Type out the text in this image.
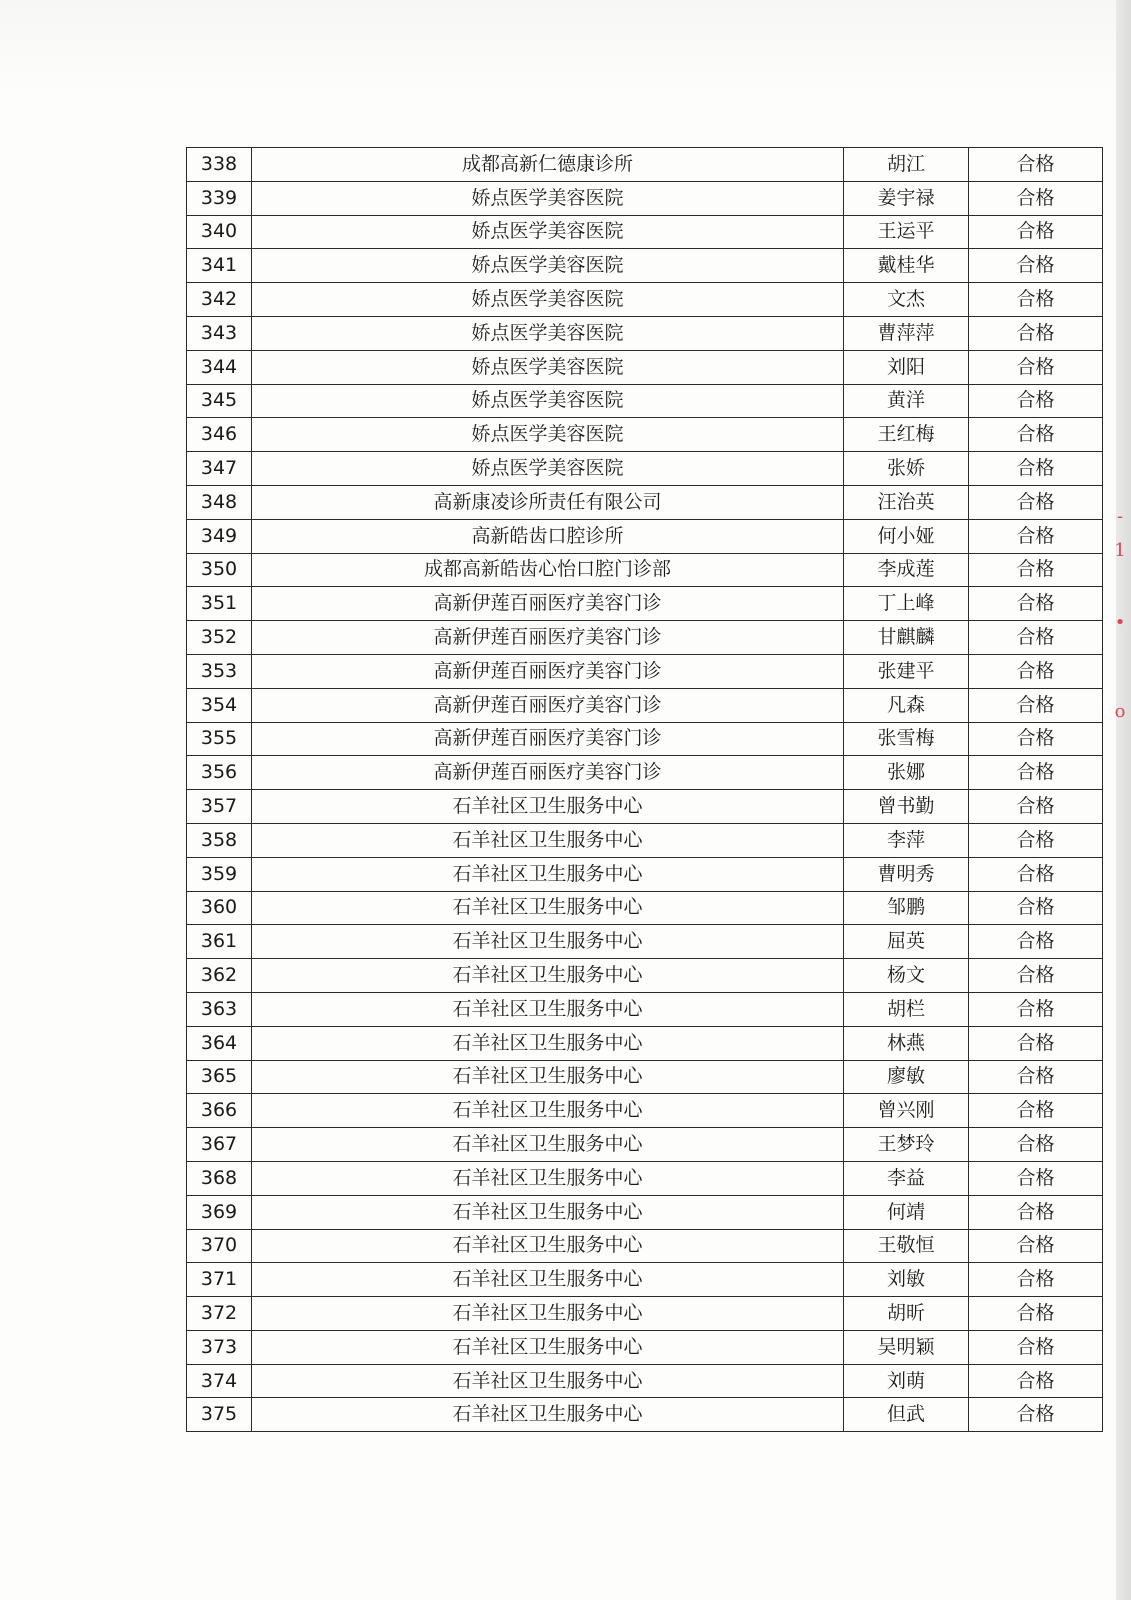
338	成都高新仁德康诊所	胡江	合格
339	娇点医学美容医院	姜宇禄	合格
340	娇点医学美容医院	王运平	合格
341	娇点医学美容医院	戴桂华	合格
342	娇点医学美容医院	文杰	合格
343	娇点医学美容医院	曹萍萍	合格
344	娇点医学美容医院	刘阳	合格
345	娇点医学美容医院	黄洋	合格
346	娇点医学美容医院	王红梅	合格
347	娇点医学美容医院	张娇	合格
348	高新康凌诊所责任有限公司	汪治英	合格
349	高新皓齿口腔诊所	何小娅	合格
350	成都高新皓齿心怡口腔门诊部	李成莲	合格
351	高新伊莲百丽医疗美容门诊	丁上峰	合格
352	高新伊莲百丽医疗美容门诊	甘麒麟	合格
353	高新伊莲百丽医疗美容门诊	张建平	合格
354	高新伊莲百丽医疗美容门诊	凡森	合格
355	高新伊莲百丽医疗美容门诊	张雪梅	合格
356	高新伊莲百丽医疗美容门诊	张娜	合格
357	石羊社区卫生服务中心	曾书勤	合格
358	石羊社区卫生服务中心	李萍	合格
359	石羊社区卫生服务中心	曹明秀	合格
360	石羊社区卫生服务中心	邹鹏	合格
361	石羊社区卫生服务中心	屈英	合格
362	石羊社区卫生服务中心	杨文	合格
363	石羊社区卫生服务中心	胡栏	合格
364	石羊社区卫生服务中心	林燕	合格
365	石羊社区卫生服务中心	廖敏	合格
366	石羊社区卫生服务中心	曾兴刚	合格
367	石羊社区卫生服务中心	王梦玲	合格
368	石羊社区卫生服务中心	李益	合格
369	石羊社区卫生服务中心	何靖	合格
370	石羊社区卫生服务中心	王敬恒	合格
371	石羊社区卫生服务中心	刘敏	合格
372	石羊社区卫生服务中心	胡昕	合格
373	石羊社区卫生服务中心	吴明颖	合格
374	石羊社区卫生服务中心	刘萌	合格
375	石羊社区卫生服务中心	但武	合格
-
1
•
o
